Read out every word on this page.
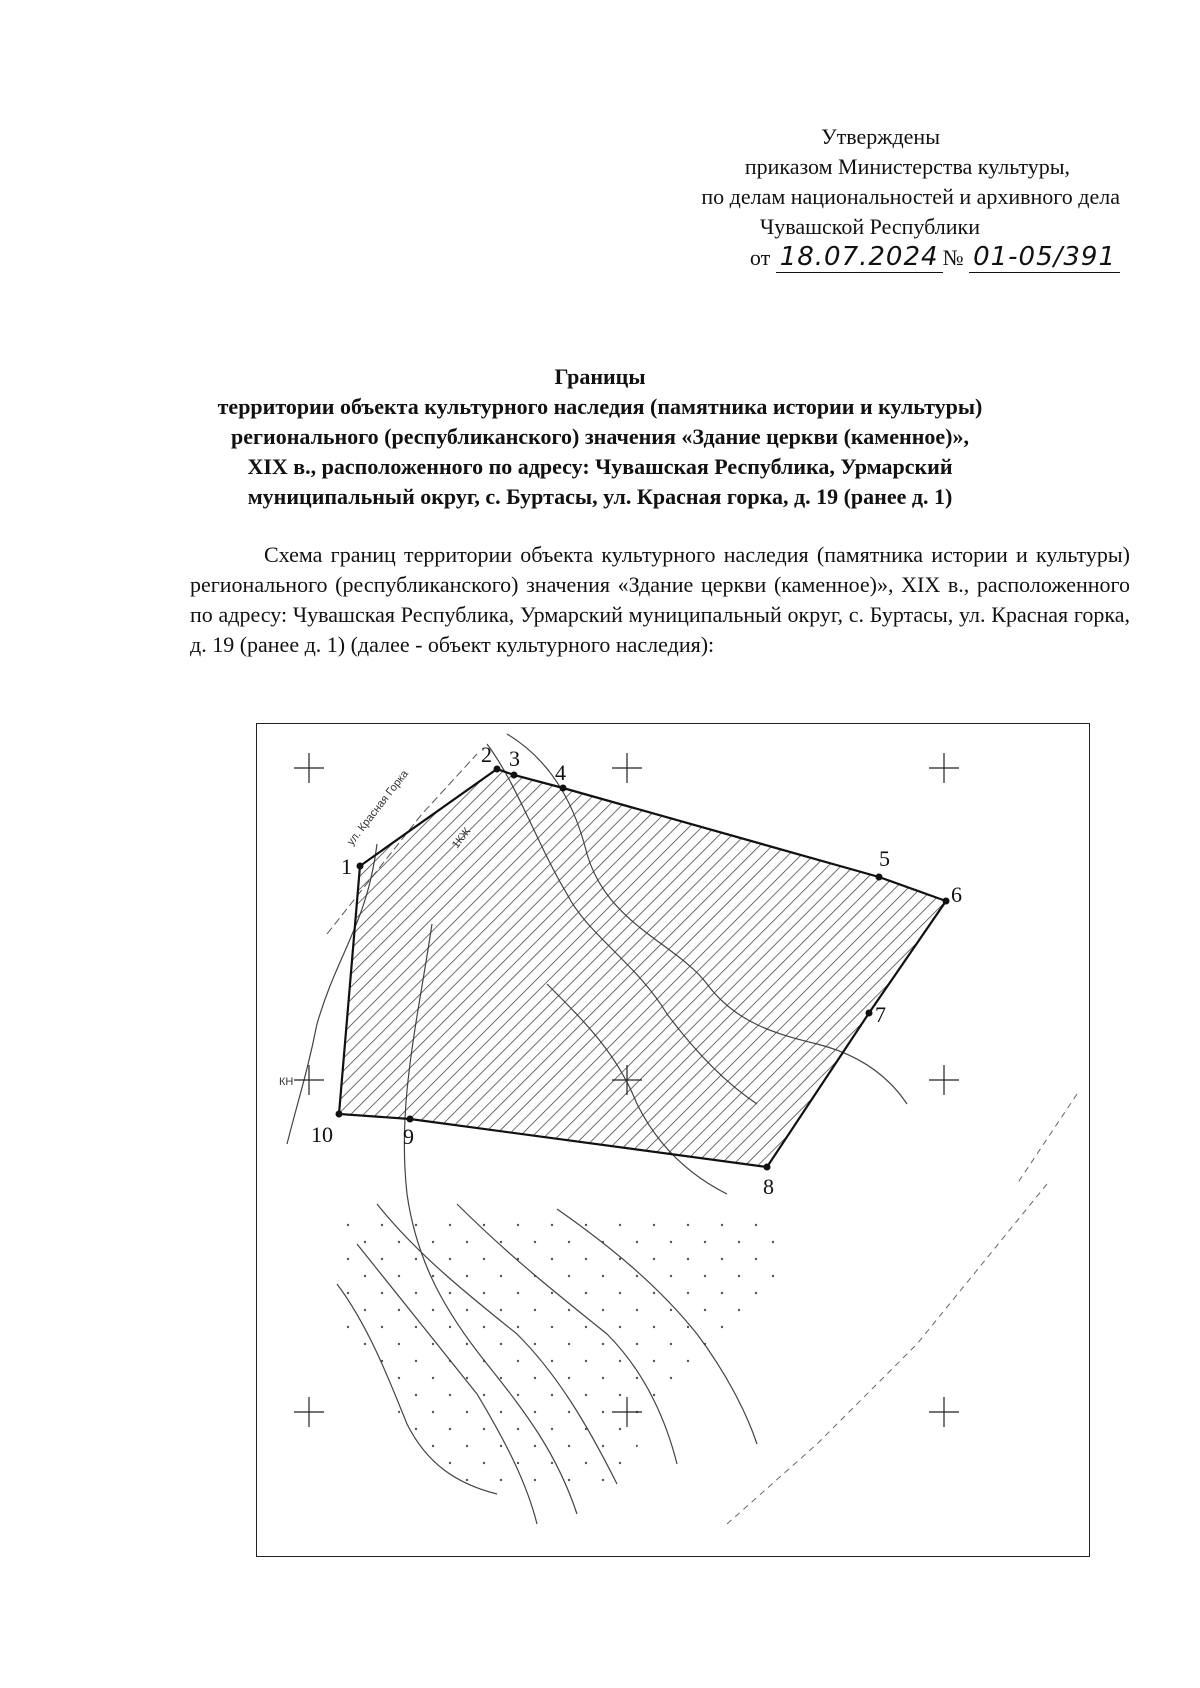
Утверждены
приказом Министерства культуры,
по делам национальностей и архивного дела
Чувашской Республики
от 18.07.2024 № 01-05/391
Границы
территории объекта культурного наследия (памятника истории и культуры)
регионального (республиканского) значения «Здание церкви (каменное)»,
XIX в., расположенного по адресу: Чувашская Республика, Урмарский
муниципальный округ, с. Буртасы, ул. Красная горка, д. 19 (ранее д. 1)
Схема границ территории объекта культурного наследия (памятника истории и культуры) регионального (республиканского) значения «Здание церкви (каменное)», XIX в., расположенного по адресу: Чувашская Республика, Урмарский муниципальный округ, с. Буртасы, ул. Красная горка, д. 19 (ранее д. 1) (далее - объект культурного наследия):
1
2 3
4
5
6
7
8
9
10
ул. Красная Горка	1КЖ
КН
